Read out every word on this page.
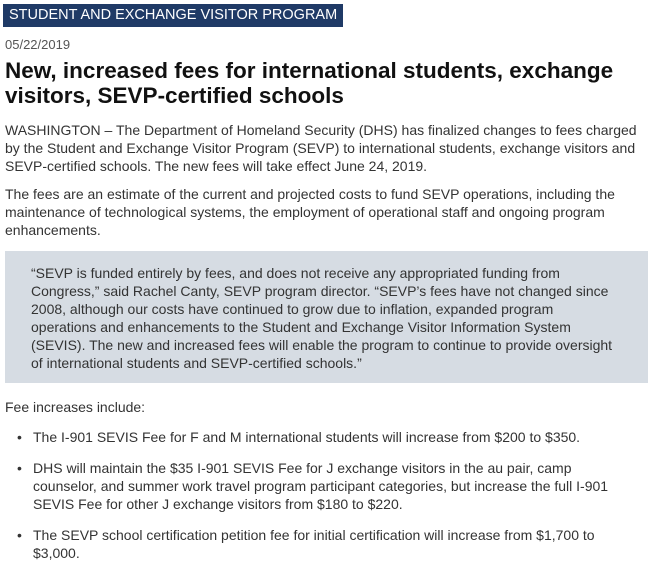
STUDENT AND EXCHANGE VISITOR PROGRAM
05/22/2019
New, increased fees for international students, exchange visitors, SEVP-certified schools

WASHINGTON – The Department of Homeland Security (DHS) has finalized changes to fees charged by the Student and Exchange Visitor Program (SEVP) to international students, exchange visitors and SEVP-certified schools. The new fees will take effect June 24, 2019.

The fees are an estimate of the current and projected costs to fund SEVP operations, including the maintenance of technological systems, the employment of operational staff and ongoing program enhancements.

“SEVP is funded entirely by fees, and does not receive any appropriated funding from Congress,” said Rachel Canty, SEVP program director. “SEVP’s fees have not changed since 2008, although our costs have continued to grow due to inflation, expanded program operations and enhancements to the Student and Exchange Visitor Information System (SEVIS). The new and increased fees will enable the program to continue to provide oversight of international students and SEVP-certified schools.”

Fee increases include:
• The I-901 SEVIS Fee for F and M international students will increase from $200 to $350.
• DHS will maintain the $35 I-901 SEVIS Fee for J exchange visitors in the au pair, camp counselor, and summer work travel program participant categories, but increase the full I-901 SEVIS Fee for other J exchange visitors from $180 to $220.
• The SEVP school certification petition fee for initial certification will increase from $1,700 to $3,000.
